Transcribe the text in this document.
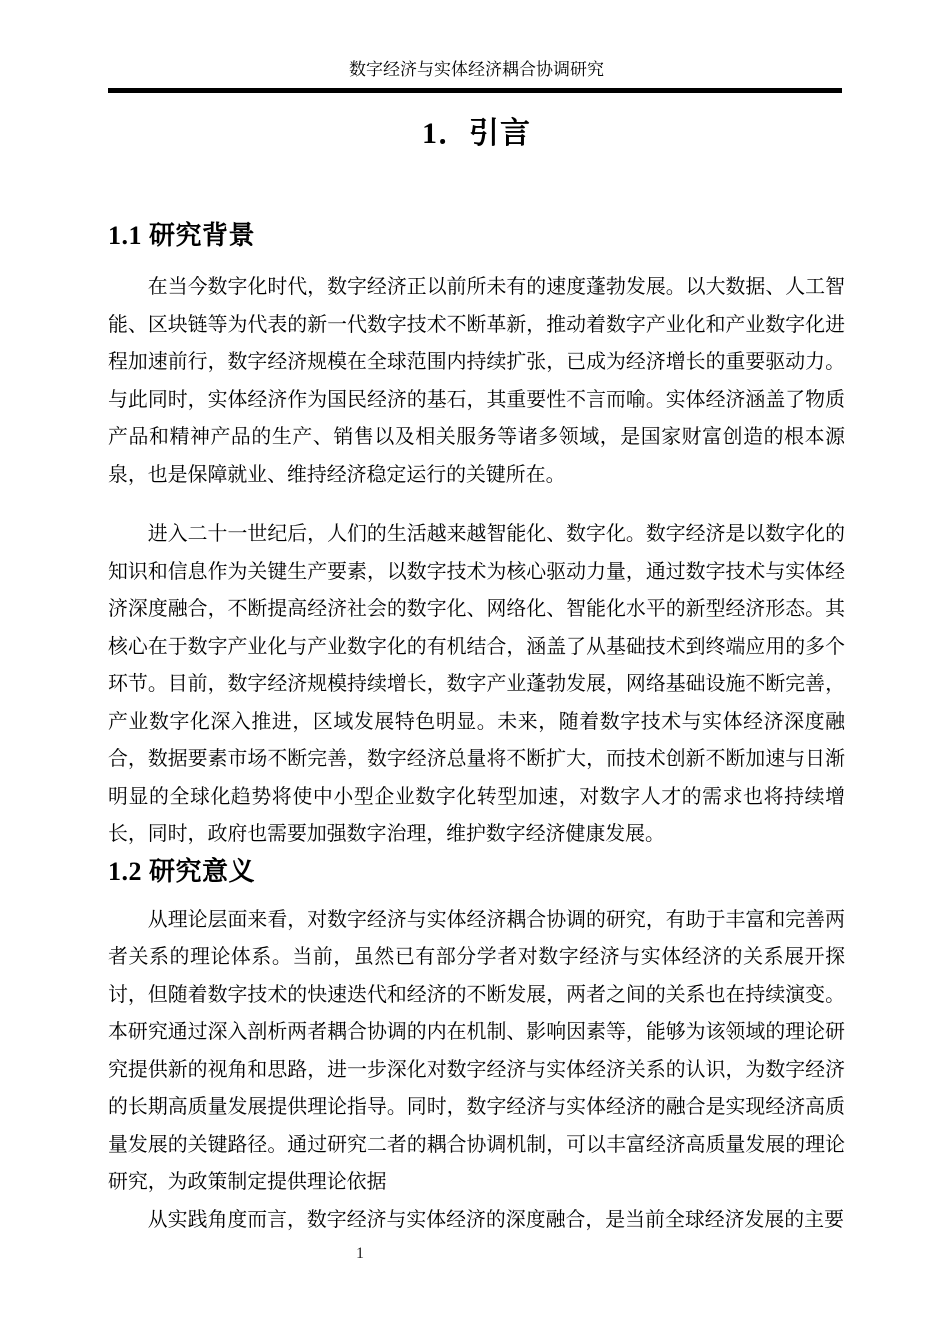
数字经济与实体经济耦合协调研究
1．引言
1.1 研究背景

在当今数字化时代，数字经济正以前所未有的速度蓬勃发展。以大数据、人工智能、区块链等为代表的新一代数字技术不断革新，推动着数字产业化和产业数字化进程加速前行，数字经济规模在全球范围内持续扩张，已成为经济增长的重要驱动力。与此同时，实体经济作为国民经济的基石，其重要性不言而喻。实体经济涵盖了物质产品和精神产品的生产、销售以及相关服务等诸多领域，是国家财富创造的根本源泉，也是保障就业、维持经济稳定运行的关键所在。

进入二十一世纪后，人们的生活越来越智能化、数字化。数字经济是以数字化的知识和信息作为关键生产要素，以数字技术为核心驱动力量，通过数字技术与实体经济深度融合，不断提高经济社会的数字化、网络化、智能化水平的新型经济形态。其核心在于数字产业化与产业数字化的有机结合，涵盖了从基础技术到终端应用的多个环节。目前，数字经济规模持续增长，数字产业蓬勃发展，网络基础设施不断完善，产业数字化深入推进，区域发展特色明显。未来，随着数字技术与实体经济深度融合，数据要素市场不断完善，数字经济总量将不断扩大，而技术创新不断加速与日渐明显的全球化趋势将使中小型企业数字化转型加速，对数字人才的需求也将持续增长，同时，政府也需要加强数字治理，维护数字经济健康发展。

1.2 研究意义

从理论层面来看，对数字经济与实体经济耦合协调的研究，有助于丰富和完善两者关系的理论体系。当前，虽然已有部分学者对数字经济与实体经济的关系展开探讨，但随着数字技术的快速迭代和经济的不断发展，两者之间的关系也在持续演变。本研究通过深入剖析两者耦合协调的内在机制、影响因素等，能够为该领域的理论研究提供新的视角和思路，进一步深化对数字经济与实体经济关系的认识，为数字经济的长期高质量发展提供理论指导。同时，数字经济与实体经济的融合是实现经济高质量发展的关键路径。通过研究二者的耦合协调机制，可以丰富经济高质量发展的理论研究，为政策制定提供理论依据

从实践角度而言，数字经济与实体经济的深度融合，是当前全球经济发展的主要

1
